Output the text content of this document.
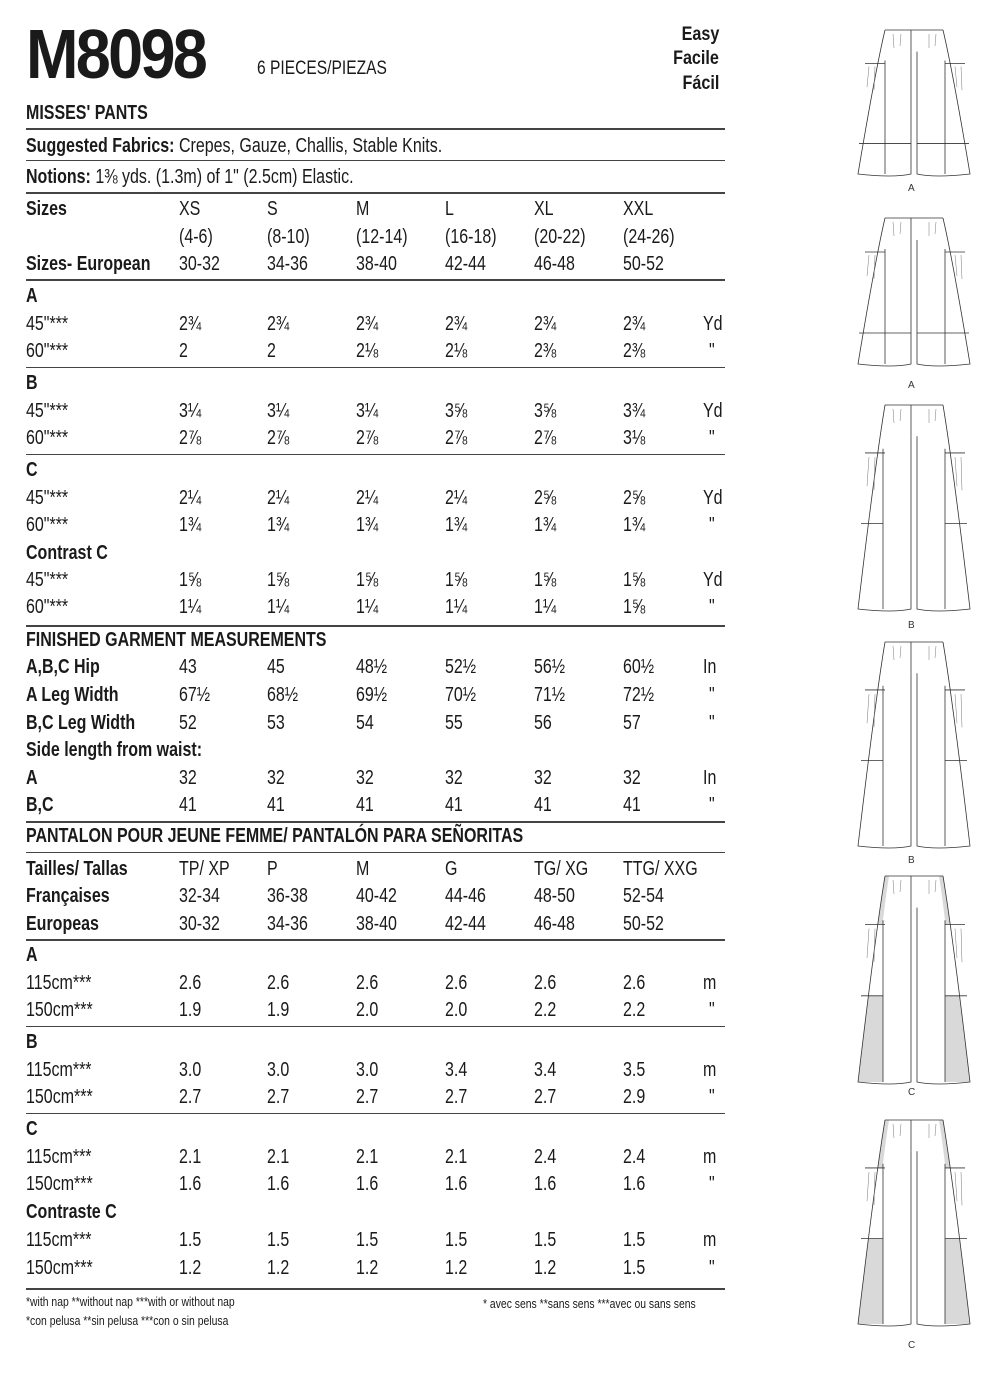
M8098	6 PIECES/PIEZAS
Easy
Facile
Fácil
MISSES' PANTS
Suggested Fabrics: Crepes, Gauze, Challis, Stable Knits.
Notions: 1⅜ yds. (1.3m) of 1" (2.5cm) Elastic.
Sizes	XS	S	M	L	XL	XXL
(4-6)	(8-10) (12-14) (16-18) (20-22) (24-26)
Sizes- European 30-32 34-36 38-40 42-44 46-48 50-52
A
45"***	2¾	2¾	2¾	2¾	2¾	2¾	Yd
60"***	2	2	2⅛	2⅛	2⅜	2⅜	"
B
45"***	3¼	3¼	3¼	3⅝	3⅝	3¾	Yd
60"***	2⅞	2⅞	2⅞	2⅞	2⅞	3⅛	"
C
45"***	2¼	2¼	2¼	2¼	2⅝	2⅝	Yd
60"***	1¾	1¾	1¾	1¾	1¾	1¾	"
Contrast C
45"***	1⅝	1⅝	1⅝	1⅝	1⅝	1⅝	Yd
60"***	1¼	1¼	1¼	1¼	1¼	1⅝	"
FINISHED GARMENT MEASUREMENTS
A,B,C Hip	43	45	48½	52½	56½	60½ In
A Leg Width	67½	68½	69½	70½	71½	72½	"
B,C Leg Width 52	53	54	55	56	57	"
Side length from waist:
A	32	32	32	32	32	32	In
B,C	41	41	41	41	41	41	"
PANTALON POUR JEUNE FEMME/ PANTALÓN PARA SEÑORITAS
Tailles/ Tallas	TP/ XP P	M	G	TG/ XG TTG/ XXG
Françaises	32-34 36-38 40-42 44-46 48-50 52-54
Europeas	30-32 34-36 38-40 42-44 46-48 50-52
A
115cm***	2.6	2.6	2.6	2.6	2.6	2.6	m
150cm***	1.9	1.9	2.0	2.0	2.2	2.2	"
B
115cm***	3.0	3.0	3.0	3.4	3.4	3.5	m
150cm***	2.7	2.7	2.7	2.7	2.7	2.9	"
C
115cm***	2.1	2.1	2.1	2.1	2.4	2.4	m
150cm***	1.6	1.6	1.6	1.6	1.6	1.6	"
Contraste C
115cm***	1.5	1.5	1.5	1.5	1.5	1.5	m
150cm***	1.2	1.2	1.2	1.2	1.2	1.5	"
*with nap **without nap ***with or without nap
*con pelusa **sin pelusa ***con o sin pelusa
* avec sens **sans sens ***avec ou sans sens
A
A
B
B
C
C
